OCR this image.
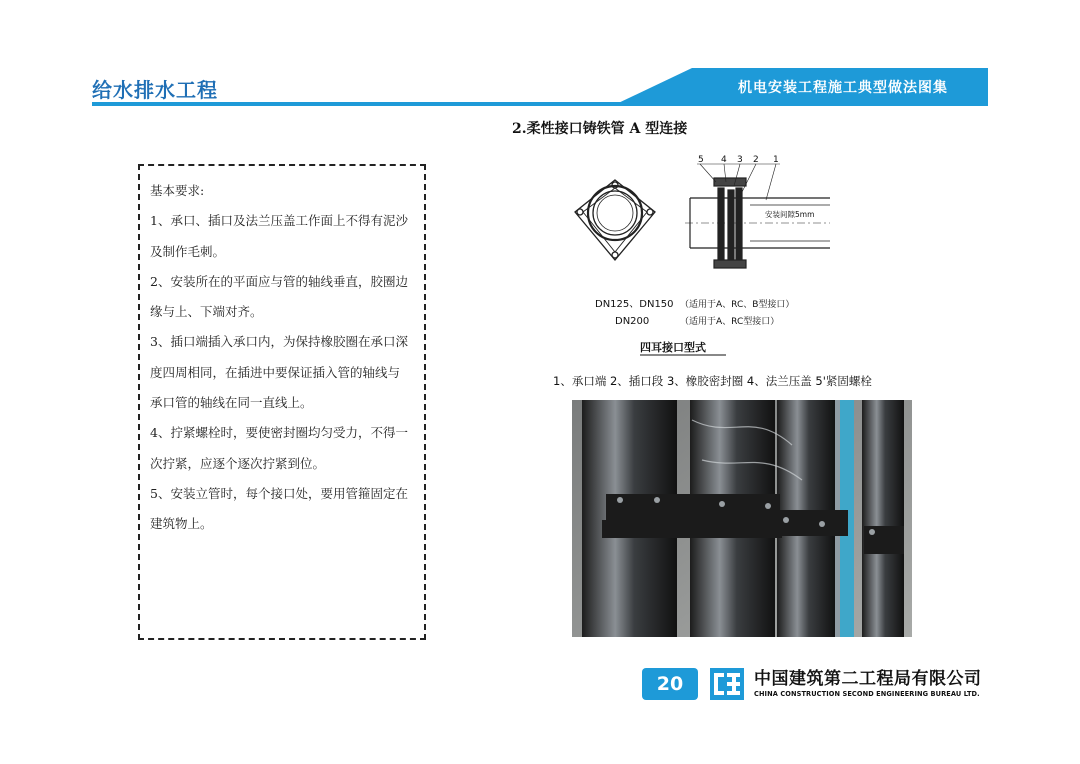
给水排水工程	机电安装工程施工典型做法图集
2.柔性接口铸铁管 A 型连接
基本要求:
1、承口、插口及法兰压盖工作面上不得有泥沙
及制作毛刺。
2、安装所在的平面应与管的轴线垂直，胶圈边
缘与上、下端对齐。
3、插口端插入承口内，为保持橡胶圈在承口深
度四周相同，在插进中要保证插入管的轴线与
承口管的轴线在同一直线上。
4、拧紧螺栓时，要使密封圈均匀受力，不得一
次拧紧，应逐个逐次拧紧到位。
5、安装立管时，每个接口处，要用管箍固定在
建筑物上。
5 4 3 2 1
安装间隙5mm
DN125、DN150 （适用于A、RC、B型接口）
DN200	（适用于A、RC型接口）
四耳接口型式
1、承口端 2、插口段 3、橡胶密封圈 4、法兰压盖 5'紧固螺栓
20	中国建筑第二工程局有限公司
CHINA CONSTRUCTION SECOND ENGINEERING BUREAU LTD.
